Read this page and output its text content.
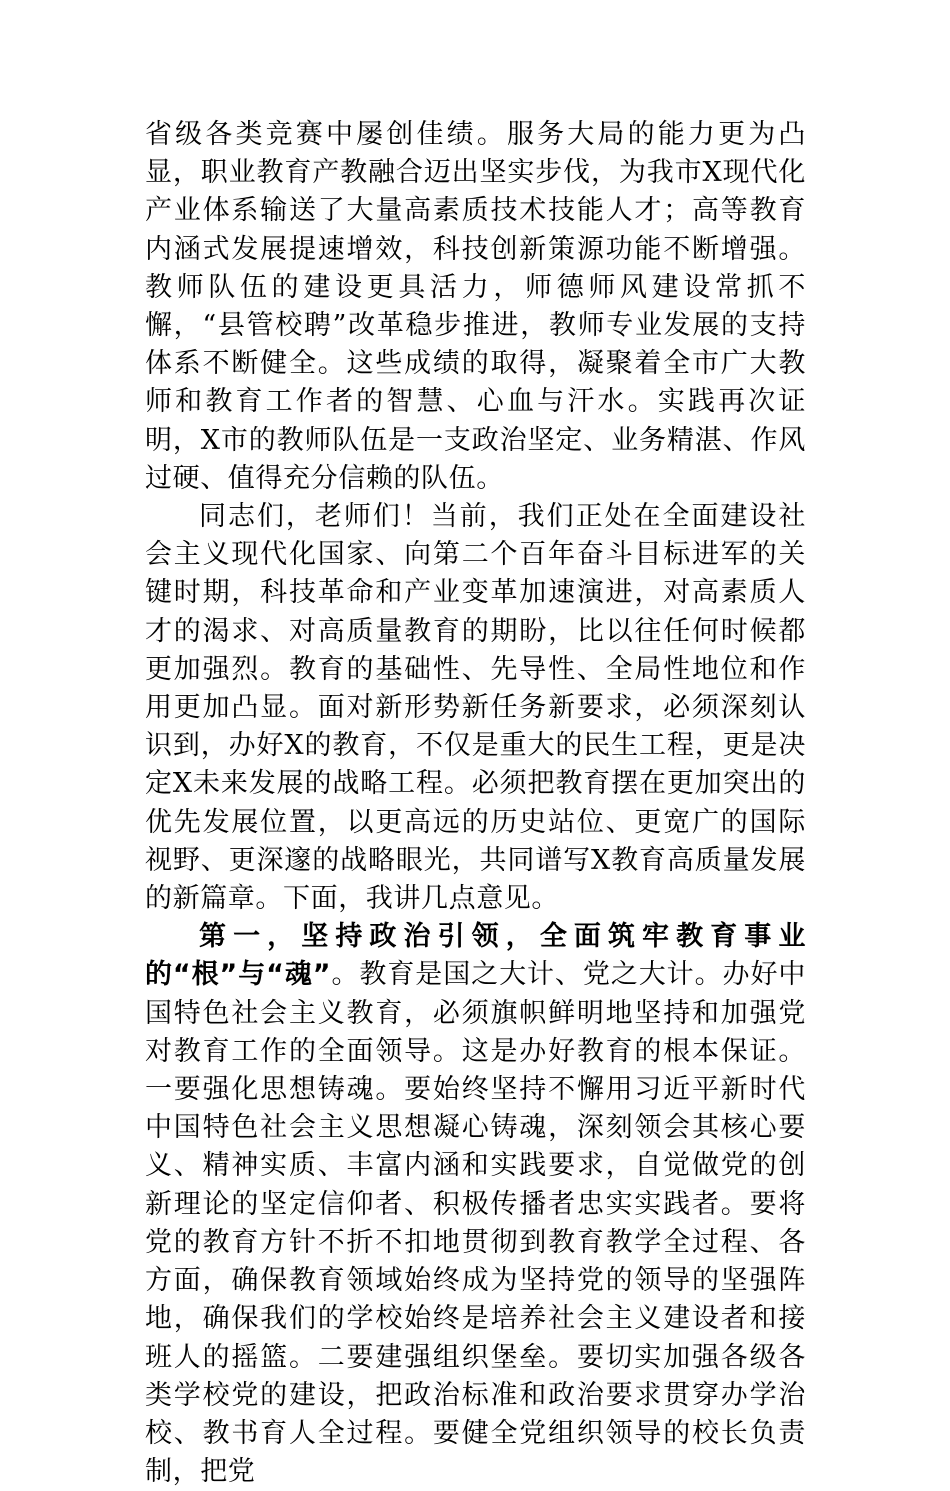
省级各类竞赛中屡创佳绩。服务大局的能力更为凸显，职业教育产教融合迈出坚实步伐，为我市X现代化产业体系输送了大量高素质技术技能人才；高等教育内涵式发展提速增效，科技创新策源功能不断增强。教师队伍的建设更具活力，师德师风建设常抓不懈，“县管校聘”改革稳步推进，教师专业发展的支持体系不断健全。这些成绩的取得，凝聚着全市广大教师和教育工作者的智慧、心血与汗水。实践再次证明，X市的教师队伍是一支政治坚定、业务精湛、作风过硬、值得充分信赖的队伍。

同志们，老师们！当前，我们正处在全面建设社会主义现代化国家、向第二个百年奋斗目标进军的关键时期，科技革命和产业变革加速演进，对高素质人才的渴求、对高质量教育的期盼，比以往任何时候都更加强烈。教育的基础性、先导性、全局性地位和作用更加凸显。面对新形势新任务新要求，必须深刻认识到，办好X的教育，不仅是重大的民生工程，更是决定X未来发展的战略工程。必须把教育摆在更加突出的优先发展位置，以更高远的历史站位、更宽广的国际视野、更深邃的战略眼光，共同谱写X教育高质量发展的新篇章。下面，我讲几点意见。

第一，坚持政治引领，全面筑牢教育事业的“根”与“魂”。教育是国之大计、党之大计。办好中国特色社会主义教育，必须旗帜鲜明地坚持和加强党对教育工作的全面领导。这是办好教育的根本保证。一要强化思想铸魂。要始终坚持不懈用习近平新时代中国特色社会主义思想凝心铸魂，深刻领会其核心要义、精神实质、丰富内涵和实践要求，自觉做党的创新理论的坚定信仰者、积极传播者忠实实践者。要将党的教育方针不折不扣地贯彻到教育教学全过程、各方面，确保教育领域始终成为坚持党的领导的坚强阵地，确保我们的学校始终是培养社会主义建设者和接班人的摇篮。二要建强组织堡垒。要切实加强各级各类学校党的建设，把政治标准和政治要求贯穿办学治校、教书育人全过程。要健全党组织领导的校长负责制，把党
